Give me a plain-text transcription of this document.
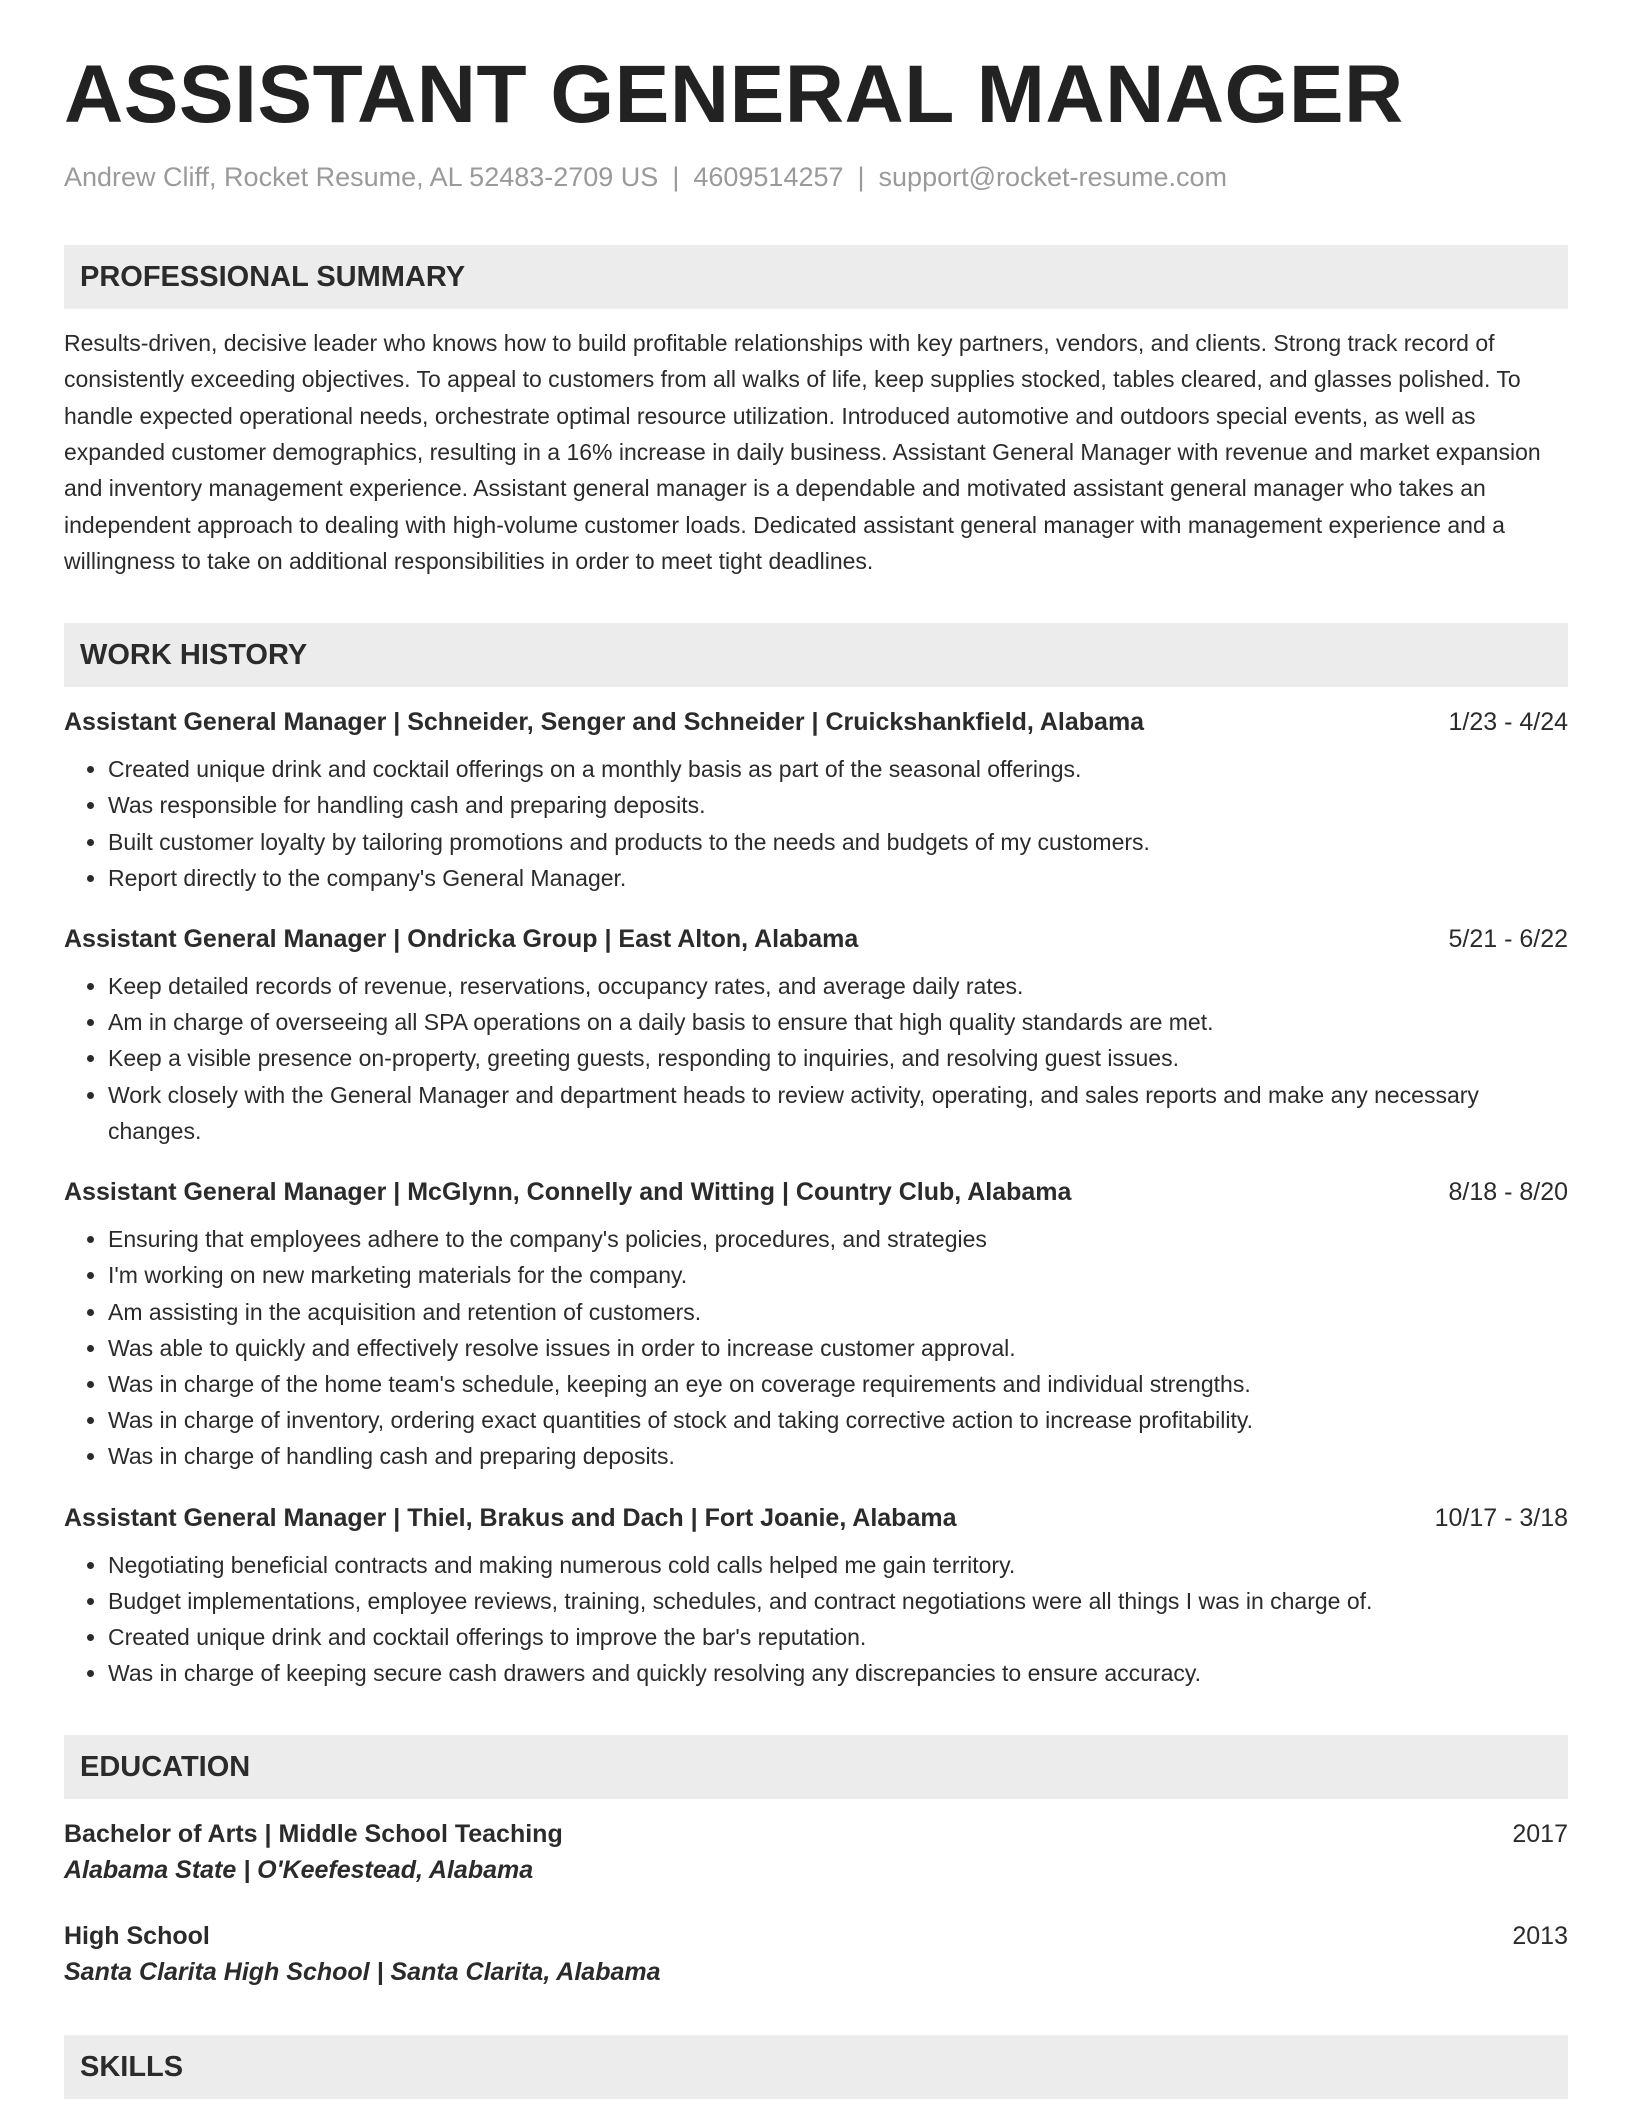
ASSISTANT GENERAL MANAGER
Andrew Cliff, Rocket Resume, AL 52483-2709 US | 4609514257 | support@rocket-resume.com
PROFESSIONAL SUMMARY

Results-driven, decisive leader who knows how to build profitable relationships with key partners, vendors, and clients. Strong track record of consistently exceeding objectives. To appeal to customers from all walks of life, keep supplies stocked, tables cleared, and glasses polished. To handle expected operational needs, orchestrate optimal resource utilization. Introduced automotive and outdoors special events, as well as expanded customer demographics, resulting in a 16% increase in daily business. Assistant General Manager with revenue and market expansion and inventory management experience. Assistant general manager is a dependable and motivated assistant general manager who takes an independent approach to dealing with high-volume customer loads. Dedicated assistant general manager with management experience and a willingness to take on additional responsibilities in order to meet tight deadlines.

WORK HISTORY
Assistant General Manager | Schneider, Senger and Schneider | Cruickshankfield, Alabama	1/23 - 4/24
• Created unique drink and cocktail offerings on a monthly basis as part of the seasonal offerings.
• Was responsible for handling cash and preparing deposits.
• Built customer loyalty by tailoring promotions and products to the needs and budgets of my customers.
• Report directly to the company's General Manager.
Assistant General Manager | Ondricka Group | East Alton, Alabama	5/21 - 6/22
• Keep detailed records of revenue, reservations, occupancy rates, and average daily rates.
• Am in charge of overseeing all SPA operations on a daily basis to ensure that high quality standards are met.
• Keep a visible presence on-property, greeting guests, responding to inquiries, and resolving guest issues.
• Work closely with the General Manager and department heads to review activity, operating, and sales reports and make any necessary changes.
Assistant General Manager | McGlynn, Connelly and Witting | Country Club, Alabama	8/18 - 8/20
• Ensuring that employees adhere to the company's policies, procedures, and strategies
• I'm working on new marketing materials for the company.
• Am assisting in the acquisition and retention of customers.
• Was able to quickly and effectively resolve issues in order to increase customer approval.
• Was in charge of the home team's schedule, keeping an eye on coverage requirements and individual strengths.
• Was in charge of inventory, ordering exact quantities of stock and taking corrective action to increase profitability.
• Was in charge of handling cash and preparing deposits.
Assistant General Manager | Thiel, Brakus and Dach | Fort Joanie, Alabama	10/17 - 3/18
• Negotiating beneficial contracts and making numerous cold calls helped me gain territory.
• Budget implementations, employee reviews, training, schedules, and contract negotiations were all things I was in charge of.
• Created unique drink and cocktail offerings to improve the bar's reputation.
• Was in charge of keeping secure cash drawers and quickly resolving any discrepancies to ensure accuracy.
EDUCATION
Bachelor of Arts | Middle School Teaching	2017
Alabama State | O'Keefestead, Alabama
High School	2013
Santa Clarita High School | Santa Clarita, Alabama
SKILLS
